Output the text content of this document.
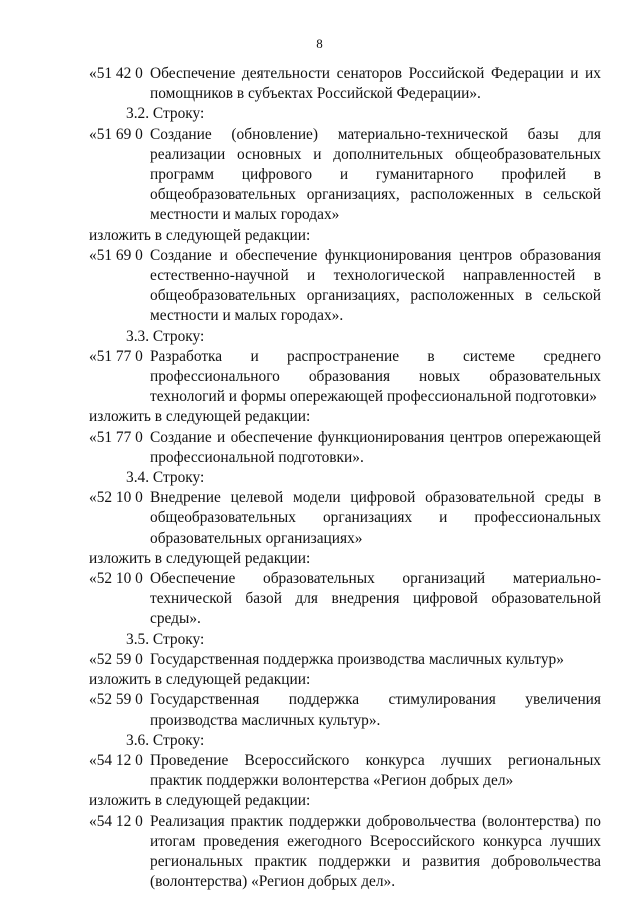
8
«51 42 0 Обеспечение деятельности сенаторов Российской Федерации и их помощников в субъектах Российской Федерации».

3.2. Строку:

«51 69 0 Создание (обновление) материально-технической базы для реализации основных и дополнительных общеобразовательных программ цифрового и гуманитарного профилей в общеобразовательных организациях, расположенных в сельской местности и малых городах»

изложить в следующей редакции:

«51 69 0 Создание и обеспечение функционирования центров образования естественно-научной и технологической направленностей в общеобразовательных организациях, расположенных в сельской местности и малых городах».

3.3. Строку:

«51 77 0 Разработка и распространение в системе среднего профессионального образования новых образовательных технологий и формы опережающей профессиональной подготовки»

изложить в следующей редакции:

«51 77 0 Создание и обеспечение функционирования центров опережающей профессиональной подготовки».

3.4. Строку:

«52 10 0 Внедрение целевой модели цифровой образовательной среды в общеобразовательных организациях и профессиональных образовательных организациях»

изложить в следующей редакции:

«52 10 0 Обеспечение образовательных организаций материально-технической базой для внедрения цифровой образовательной среды».

3.5. Строку:

«52 59 0 Государственная поддержка производства масличных культур»

изложить в следующей редакции:

«52 59 0 Государственная поддержка стимулирования увеличения производства масличных культур».

3.6. Строку:

«54 12 0 Проведение Всероссийского конкурса лучших региональных практик поддержки волонтерства «Регион добрых дел»

изложить в следующей редакции:

«54 12 0 Реализация практик поддержки добровольчества (волонтерства) по итогам проведения ежегодного Всероссийского конкурса лучших региональных практик поддержки и развития добровольчества (волонтерства) «Регион добрых дел».
